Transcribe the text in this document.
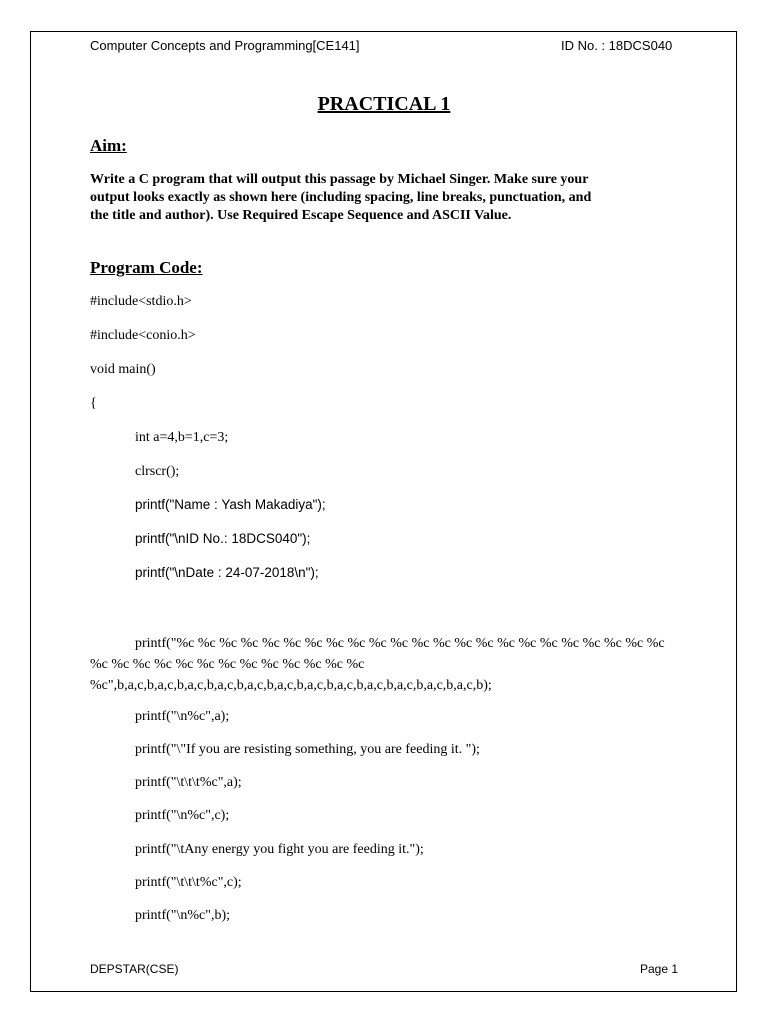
Computer Concepts and Programming[CE141]	ID No. : 18DCS040
PRACTICAL 1
Aim:
Write a C program that will output this passage by Michael Singer. Make sure your output looks exactly as shown here (including spacing, line breaks, punctuation, and the title and author). Use Required Escape Sequence and ASCII Value.
Program Code:
#include<stdio.h>
#include<conio.h>
void main()
{
int a=4,b=1,c=3;
clrscr();
printf("Name : Yash Makadiya");
printf("\nID No.: 18DCS040");
printf("\nDate : 24-07-2018\n");
printf("%c %c %c %c %c %c %c %c %c %c %c %c %c %c %c %c %c %c %c %c %c %c %c %c %c %c %c %c %c %c %c %c %c %c %c %c %c",b,a,c,b,a,c,b,a,c,b,a,c,b,a,c,b,a,c,b,a,c,b,a,c,b,a,c,b,a,c,b,a,c,b,a,c,b);
printf("\n%c",a);
printf("\"If you are resisting something, you are feeding it. ");
printf("\t\t\t%c",a);
printf("\n%c",c);
printf("\tAny energy you fight you are feeding it.");
printf("\t\t\t%c",c);
printf("\n%c",b);
DEPSTAR(CSE)	Page 1
